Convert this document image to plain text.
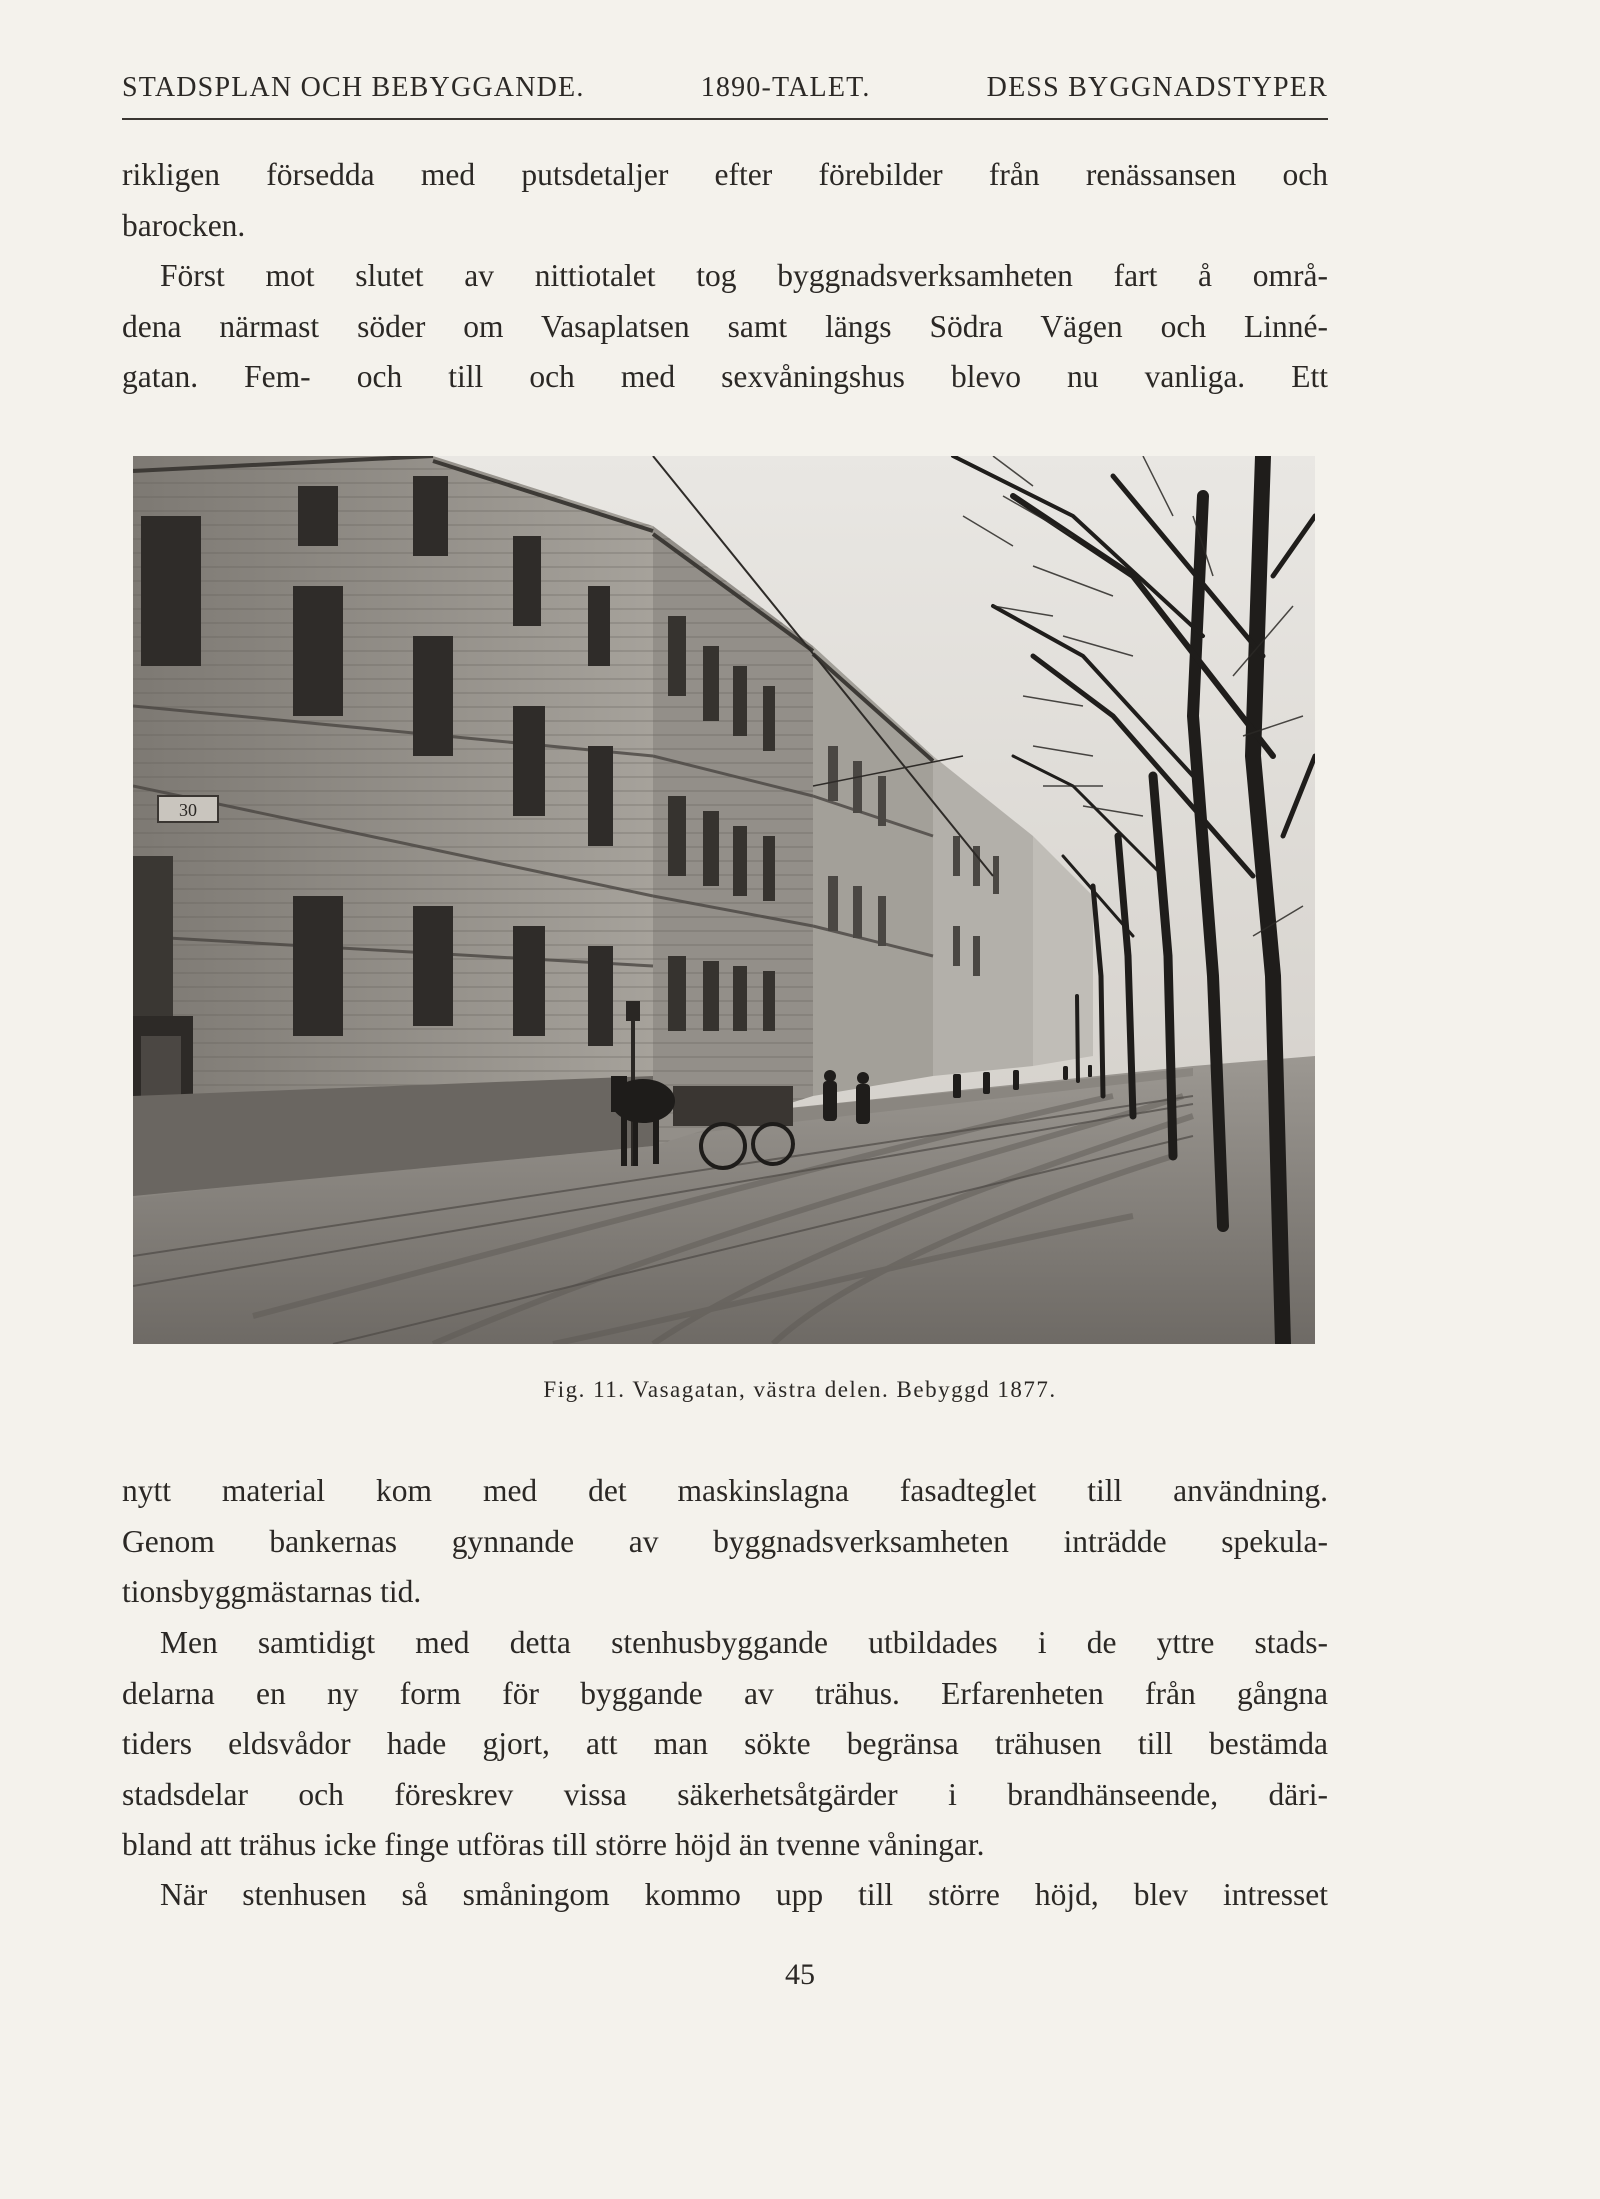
STADSPLAN OCH BEBYGGANDE.	1890-TALET.	DESS BYGGNADSTYPER

rikligen försedda med putsdetaljer efter förebilder från renässansen och
barocken.

Först mot slutet av nittiotalet tog byggnadsverksamheten fart å områ-
dena närmast söder om Vasaplatsen samt längs Södra Vägen och Linné-
gatan. Fem- och till och med sexvåningshus blevo nu vanliga. Ett

30
Fig. 11. Vasagatan, västra delen. Bebyggd 1877.

nytt material kom med det maskinslagna fasadteglet till användning.
Genom bankernas gynnande av byggnadsverksamheten inträdde spekula-
tionsbyggmästarnas tid.

Men samtidigt med detta stenhusbyggande utbildades i de yttre stads-
delarna en ny form för byggande av trähus. Erfarenheten från gångna
tiders eldsvådor hade gjort, att man sökte begränsa trähusen till bestämda
stadsdelar och föreskrev vissa säkerhetsåtgärder i brandhänseende, däri-
bland att trähus icke finge utföras till större höjd än tvenne våningar.

När stenhusen så småningom kommo upp till större höjd, blev intresset

45
